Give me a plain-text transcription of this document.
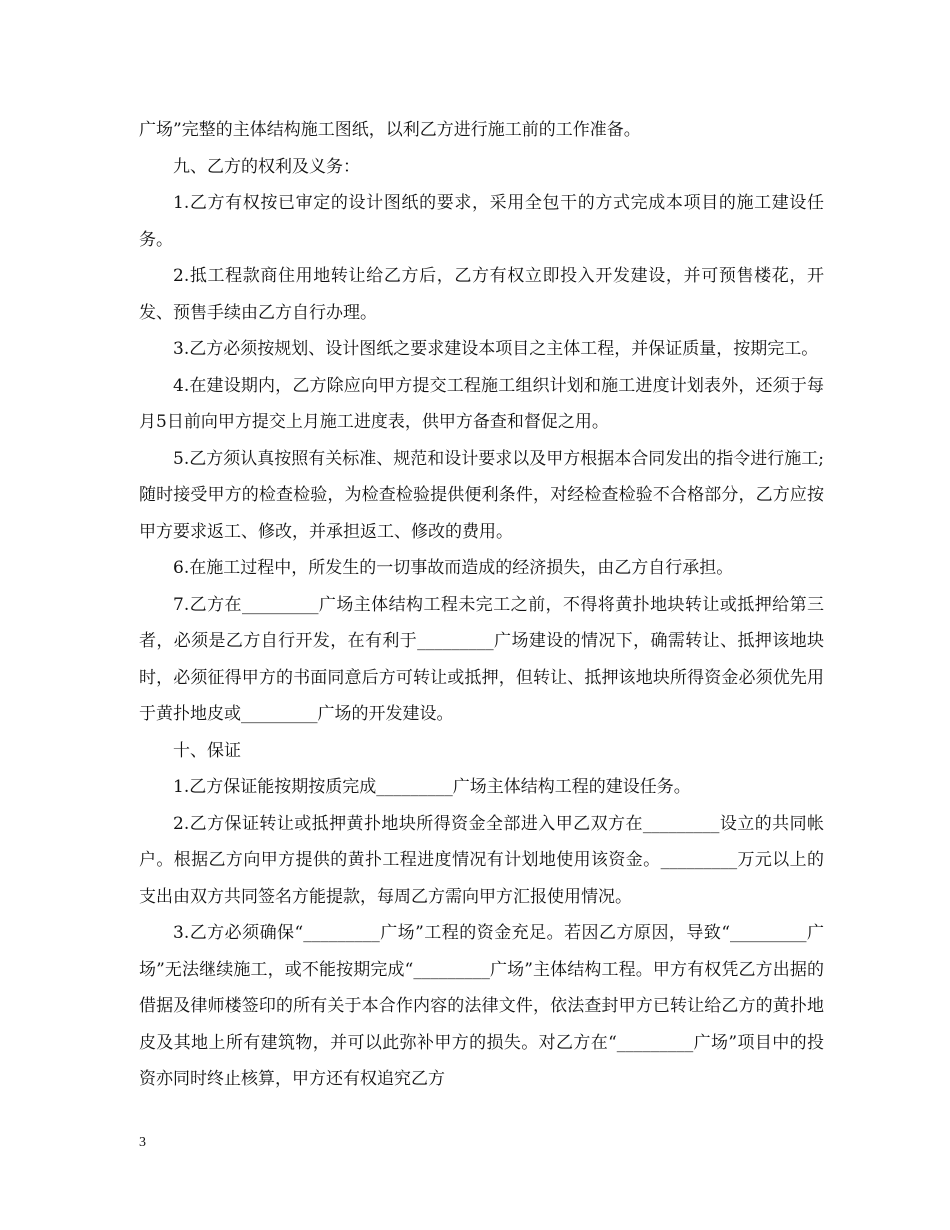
广场”完整的主体结构施工图纸，以利乙方进行施工前的工作准备。

九、乙方的权利及义务：

1.乙方有权按已审定的设计图纸的要求，采用全包干的方式完成本项目的施工建设任务。

2.抵工程款商住用地转让给乙方后，乙方有权立即投入开发建设，并可预售楼花，开发、预售手续由乙方自行办理。

3.乙方必须按规划、设计图纸之要求建设本项目之主体工程，并保证质量，按期完工。

4.在建设期内，乙方除应向甲方提交工程施工组织计划和施工进度计划表外，还须于每月5日前向甲方提交上月施工进度表，供甲方备查和督促之用。

5.乙方须认真按照有关标准、规范和设计要求以及甲方根据本合同发出的指令进行施工;随时接受甲方的检查检验，为检查检验提供便利条件，对经检查检验不合格部分，乙方应按甲方要求返工、修改，并承担返工、修改的费用。

6.在施工过程中，所发生的一切事故而造成的经济损失，由乙方自行承担。

7.乙方在_________广场主体结构工程未完工之前，不得将黄扑地块转让或抵押给第三者，必须是乙方自行开发，在有利于_________广场建设的情况下，确需转让、抵押该地块时，必须征得甲方的书面同意后方可转让或抵押，但转让、抵押该地块所得资金必须优先用于黄扑地皮或_________广场的开发建设。

十、保证

1.乙方保证能按期按质完成_________广场主体结构工程的建设任务。

2.乙方保证转让或抵押黄扑地块所得资金全部进入甲乙双方在_________设立的共同帐户。根据乙方向甲方提供的黄扑工程进度情况有计划地使用该资金。_________万元以上的支出由双方共同签名方能提款，每周乙方需向甲方汇报使用情况。

3.乙方必须确保“_________广场”工程的资金充足。若因乙方原因，导致“_________广场”无法继续施工，或不能按期完成“_________广场”主体结构工程。甲方有权凭乙方出据的借据及律师楼签印的所有关于本合作内容的法律文件，依法查封甲方已转让给乙方的黄扑地皮及其地上所有建筑物，并可以此弥补甲方的损失。对乙方在“_________广场”项目中的投资亦同时终止核算，甲方还有权追究乙方

3
